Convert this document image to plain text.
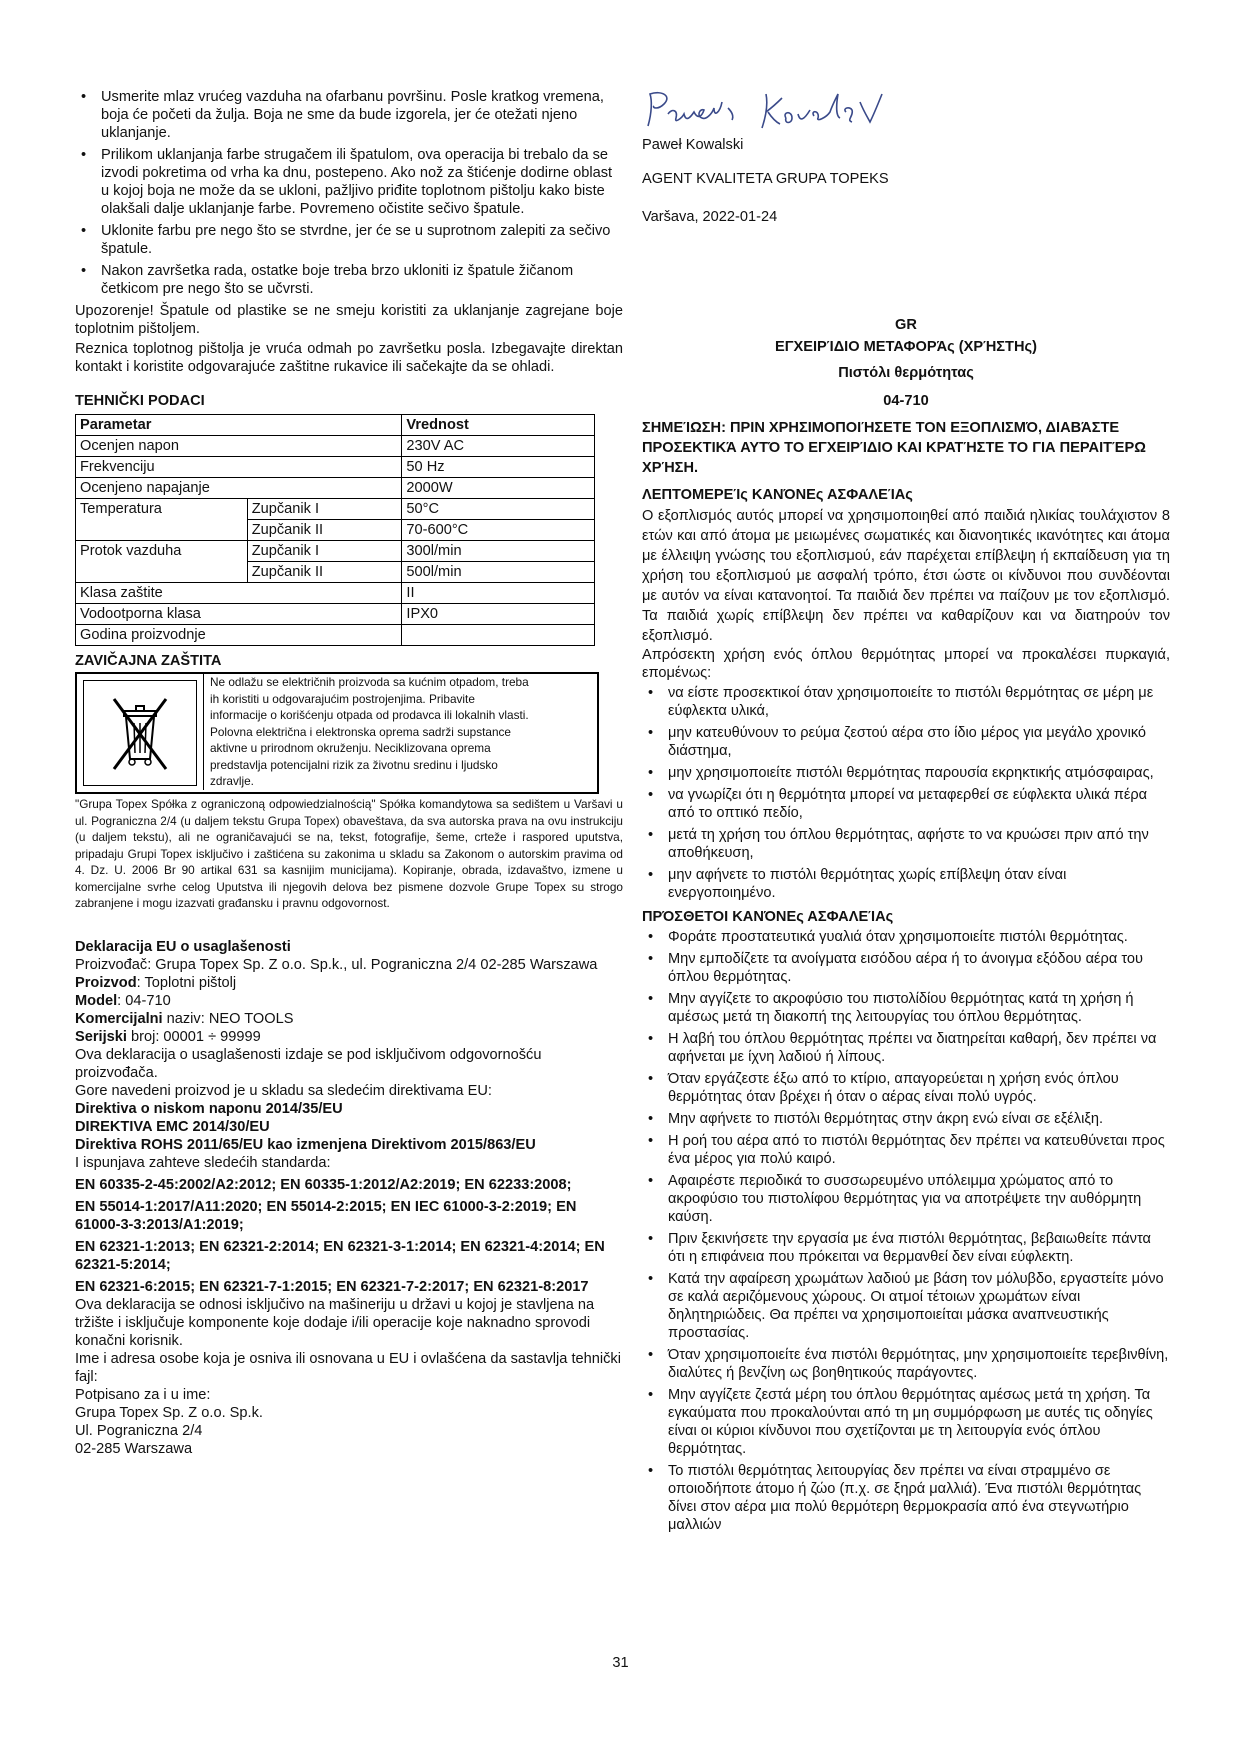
• Usmerite mlaz vrućeg vazduha na ofarbanu površinu. Posle kratkog vremena, boja će početi da žulja. Boja ne sme da bude izgorela, jer će otežati njeno uklanjanje.
• Prilikom uklanjanja farbe strugačem ili špatulom, ova operacija bi trebalo da se izvodi pokretima od vrha ka dnu, postepeno. Ako nož za štićenje dodirne oblast u kojoj boja ne može da se ukloni, pažljivo priđite toplotnom pištolju kako biste olakšali dalje uklanjanje farbe. Povremeno očistite sečivo špatule.
• Uklonite farbu pre nego što se stvrdne, jer će se u suprotnom zalepiti za sečivo špatule.
• Nakon završetka rada, ostatke boje treba brzo ukloniti iz špatule žičanom četkicom pre nego što se učvrsti.

Upozorenje! Špatule od plastike se ne smeju koristiti za uklanjanje zagrejane boje toplotnim pištoljem.

Reznica toplotnog pištolja je vruća odmah po završetku posla. Izbegavajte direktan kontakt i koristite odgovarajuće zaštitne rukavice ili sačekajte da se ohladi.

TEHNIČKI PODACI
Parametar		Vrednost
Ocenjen napon		230V AC
Frekvenciju		50 Hz
Ocenjeno napajanje		2000W
Temperatura	Zupčanik I	50°C
	Zupčanik II	70-600°C
Protok vazduha	Zupčanik I	300l/min
	Zupčanik II	500l/min
Klasa zaštite		II
Vodootporna klasa		IPX0
Godina proizvodnje		
ZAVIČAJNA ZAŠTITA
Ne odlažu se električnih proizvoda sa kućnim otpadom, treba
ih koristiti u odgovarajućim postrojenjima. Pribavite
informacije o korišćenju otpada od prodavca ili lokalnih vlasti.
Polovna električna i elektronska oprema sadrži supstance
aktivne u prirodnom okruženju. Neciklizovana oprema
predstavlja potencijalni rizik za životnu sredinu i ljudsko
zdravlje.

"Grupa Topex Spółka z ograniczoną odpowiedzialnością" Spółka komandytowa sa sedištem u Varšavi u ul. Pograniczna 2/4 (u daljem tekstu Grupa Topex) obaveštava, da sva autorska prava na ovu instrukciju (u daljem tekstu), ali ne ograničavajući se na, tekst, fotografije, šeme, crteže i raspored uputstva, pripadaju Grupi Topex isključivo i zaštićena su zakonima u skladu sa Zakonom o autorskim pravima od 4. Dz. U. 2006 Br 90 artikal 631 sa kasnijim municijama). Kopiranje, obrada, izdavaštvo, izmene u komercijalne svrhe celog Uputstva ili njegovih delova bez pismene dozvole Grupe Topex su strogo zabranjene i mogu izazvati građansku i pravnu odgovornost.

Deklaracija EU o usaglašenosti

Proizvođač: Grupa Topex Sp. Z o.o. Sp.k., ul. Pograniczna 2/4 02-285 Warszawa

Proizvod: Toplotni pištolj

Model: 04-710

Komercijalni naziv: NEO TOOLS

Serijski broj: 00001 ÷ 99999

Ova deklaracija o usaglašenosti izdaje se pod isključivom odgovornošću proizvođača.

Gore navedeni proizvod je u skladu sa sledećim direktivama EU:

Direktiva o niskom naponu 2014/35/EU

DIREKTIVA EMC 2014/30/EU

Direktiva ROHS 2011/65/EU kao izmenjena Direktivom 2015/863/EU

I ispunjava zahteve sledećih standarda:

EN 60335-2-45:2002/A2:2012; EN 60335-1:2012/A2:2019; EN 62233:2008;

EN 55014-1:2017/A11:2020; EN 55014-2:2015; EN IEC 61000-3-2:2019; EN 61000-3-3:2013/A1:2019;

EN 62321-1:2013; EN 62321-2:2014; EN 62321-3-1:2014; EN 62321-4:2014; EN 62321-5:2014;

EN 62321-6:2015; EN 62321-7-1:2015; EN 62321-7-2:2017; EN 62321-8:2017

Ova deklaracija se odnosi isključivo na mašineriju u državi u kojoj je stavljena na tržište i isključuje komponente koje dodaje i/ili operacije koje naknadno sprovodi konačni korisnik.

Ime i adresa osobe koja je osniva ili osnovana u EU i ovlašćena da sastavlja tehnički fajl:

Potpisano za i u ime:

Grupa Topex Sp. Z o.o. Sp.k.

Ul. Pograniczna 2/4

02-285 Warszawa

Paweł Kowalski

AGENT KVALITETA GRUPA TOPEKS

Varšava, 2022-01-24

GR

ΕΓΧΕΙΡΊΔΙΟ ΜΕΤΑΦΟΡΆς (ΧΡΉΣΤΗς)

Πιστόλι θερμότητας

04-710

ΣΗΜΕΊΩΣΗ: ΠΡΙΝ ΧΡΗΣΙΜΟΠΟΙΉΣΕΤΕ ΤΟΝ ΕΞΟΠΛΙΣΜΌ, ΔΙΑΒΆΣΤΕ ΠΡΟΣΕΚΤΙΚΆ ΑΥΤΌ ΤΟ ΕΓΧΕΙΡΊΔΙΟ ΚΑΙ ΚΡΑΤΉΣΤΕ ΤΟ ΓΙΑ ΠΕΡΑΙΤΈΡΩ ΧΡΉΣΗ.

ΛΕΠΤΟΜΕΡΕΊς ΚΑΝΌΝΕς ΑΣΦΑΛΕΊΑς

Ο εξοπλισμός αυτός μπορεί να χρησιμοποιηθεί από παιδιά ηλικίας τουλάχιστον 8 ετών και από άτομα με μειωμένες σωματικές και διανοητικές ικανότητες και άτομα με έλλειψη γνώσης του εξοπλισμού, εάν παρέχεται επίβλεψη ή εκπαίδευση για τη χρήση του εξοπλισμού με ασφαλή τρόπο, έτσι ώστε οι κίνδυνοι που συνδέονται με αυτόν να είναι κατανοητοί. Τα παιδιά δεν πρέπει να παίζουν με τον εξοπλισμό. Τα παιδιά χωρίς επίβλεψη δεν πρέπει να καθαρίζουν και να διατηρούν τον εξοπλισμό.

Απρόσεκτη χρήση ενός όπλου θερμότητας μπορεί να προκαλέσει πυρκαγιά, επομένως:

• να είστε προσεκτικοί όταν χρησιμοποιείτε το πιστόλι θερμότητας σε μέρη με εύφλεκτα υλικά,
• μην κατευθύνουν το ρεύμα ζεστού αέρα στο ίδιο μέρος για μεγάλο χρονικό διάστημα,
• μην χρησιμοποιείτε πιστόλι θερμότητας παρουσία εκρηκτικής ατμόσφαιρας,
• να γνωρίζει ότι η θερμότητα μπορεί να μεταφερθεί σε εύφλεκτα υλικά πέρα από το οπτικό πεδίο,
• μετά τη χρήση του όπλου θερμότητας, αφήστε το να κρυώσει πριν από την αποθήκευση,
• μην αφήνετε το πιστόλι θερμότητας χωρίς επίβλεψη όταν είναι ενεργοποιημένο.
ΠΡΌΣΘΕΤΟΙ ΚΑΝΌΝΕς ΑΣΦΑΛΕΊΑς
• Φοράτε προστατευτικά γυαλιά όταν χρησιμοποιείτε πιστόλι θερμότητας.
• Μην εμποδίζετε τα ανοίγματα εισόδου αέρα ή το άνοιγμα εξόδου αέρα του όπλου θερμότητας.
• Μην αγγίζετε το ακροφύσιο του πιστολίδίου θερμότητας κατά τη χρήση ή αμέσως μετά τη διακοπή της λειτουργίας του όπλου θερμότητας.
• Η λαβή του όπλου θερμότητας πρέπει να διατηρείται καθαρή, δεν πρέπει να αφήνεται με ίχνη λαδιού ή λίπους.
• Όταν εργάζεστε έξω από το κτίριο, απαγορεύεται η χρήση ενός όπλου θερμότητας όταν βρέχει ή όταν ο αέρας είναι πολύ υγρός.
• Μην αφήνετε το πιστόλι θερμότητας στην άκρη ενώ είναι σε εξέλιξη.
• Η ροή του αέρα από το πιστόλι θερμότητας δεν πρέπει να κατευθύνεται προς ένα μέρος για πολύ καιρό.
• Αφαιρέστε περιοδικά το συσσωρευμένο υπόλειμμα χρώματος από το ακροφύσιο του πιστολίφου θερμότητας για να αποτρέψετε την αυθόρμητη καύση.
• Πριν ξεκινήσετε την εργασία με ένα πιστόλι θερμότητας, βεβαιωθείτε πάντα ότι η επιφάνεια που πρόκειται να θερμανθεί δεν είναι εύφλεκτη.
• Κατά την αφαίρεση χρωμάτων λαδιού με βάση τον μόλυβδο, εργαστείτε μόνο σε καλά αεριζόμενους χώρους. Οι ατμοί τέτοιων χρωμάτων είναι δηλητηριώδεις. Θα πρέπει να χρησιμοποιείται μάσκα αναπνευστικής προστασίας.
• Όταν χρησιμοποιείτε ένα πιστόλι θερμότητας, μην χρησιμοποιείτε τερεβινθίνη, διαλύτες ή βενζίνη ως βοηθητικούς παράγοντες.
• Μην αγγίζετε ζεστά μέρη του όπλου θερμότητας αμέσως μετά τη χρήση. Τα εγκαύματα που προκαλούνται από τη μη συμμόρφωση με αυτές τις οδηγίες είναι οι κύριοι κίνδυνοι που σχετίζονται με τη λειτουργία ενός όπλου θερμότητας.
• Το πιστόλι θερμότητας λειτουργίας δεν πρέπει να είναι στραμμένο σε οποιοδήποτε άτομο ή ζώο (π.χ. σε ξηρά μαλλιά). Ένα πιστόλι θερμότητας δίνει στον αέρα μια πολύ θερμότερη θερμοκρασία από ένα στεγνωτήριο μαλλιών
31
